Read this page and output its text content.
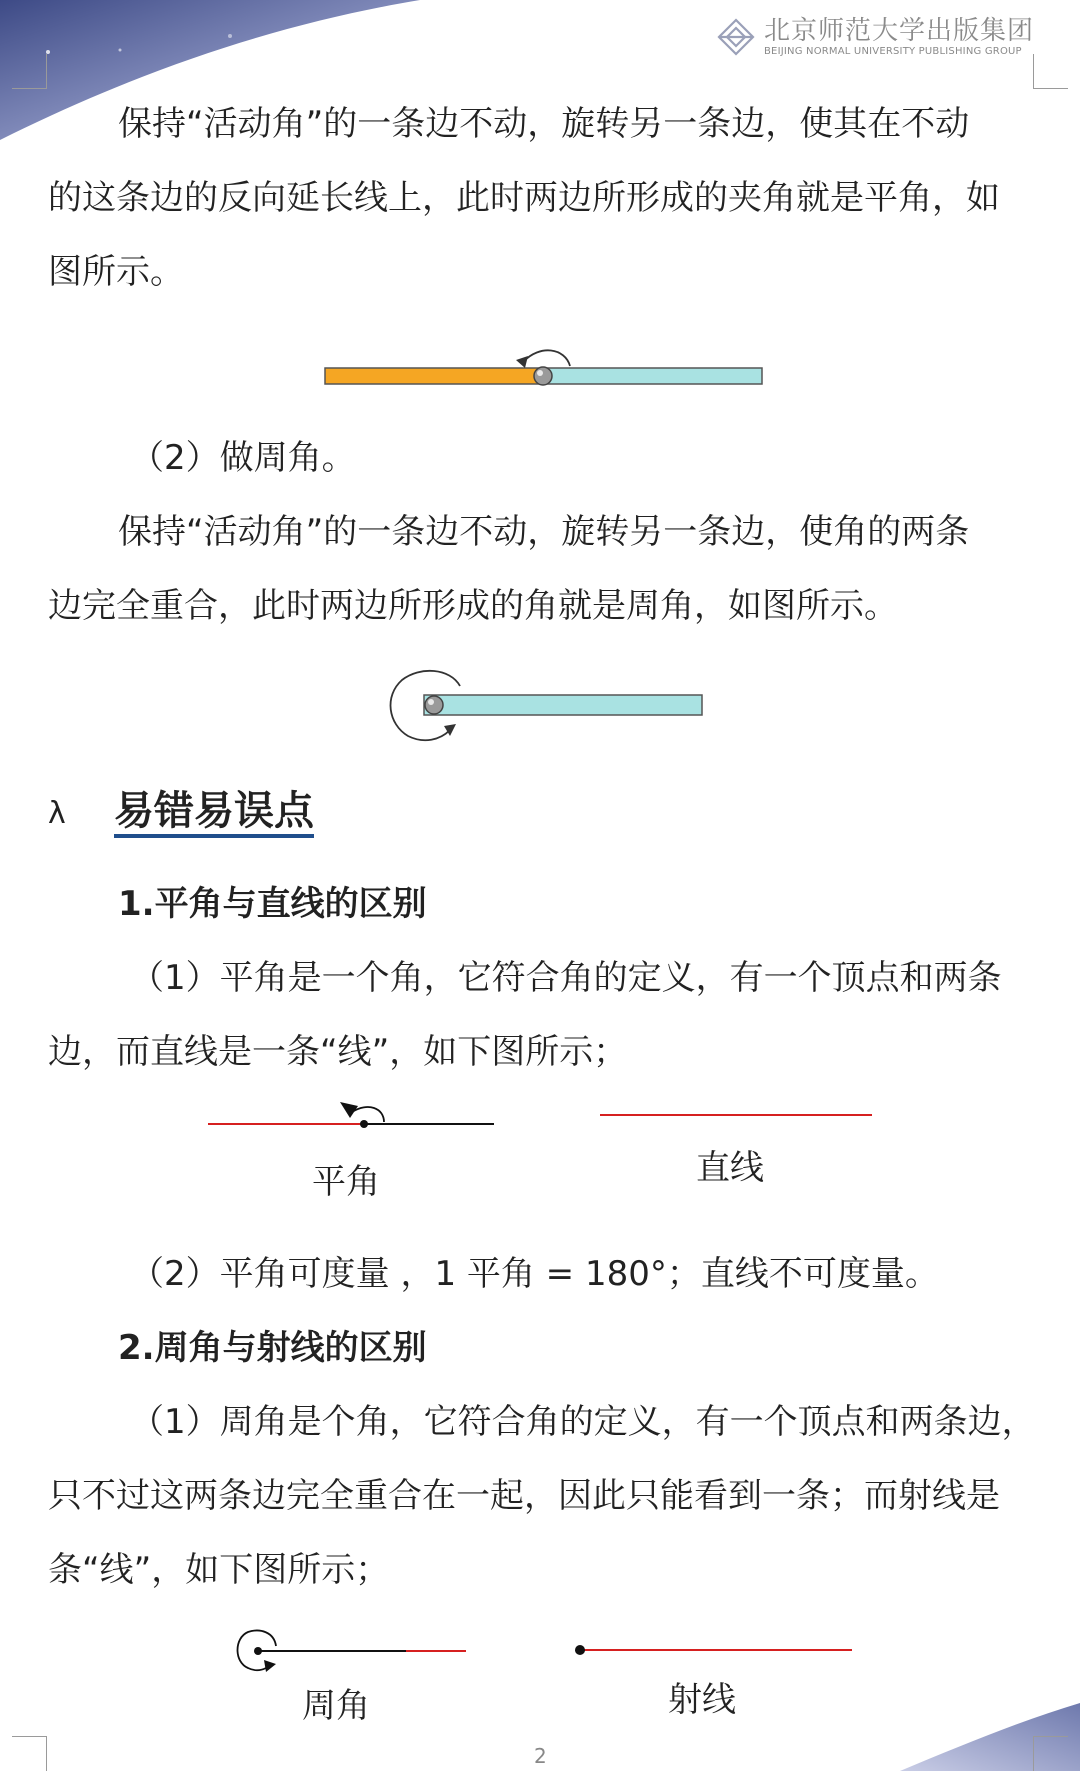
北京师范大学出版集团
BEIJING NORMAL UNIVERSITY PUBLISHING GROUP
保持“活动角”的一条边不动，旋转另一条边，使其在不动
的这条边的反向延长线上，此时两边所形成的夹角就是平角，如
图所示。
（2）做周角。
保持“活动角”的一条边不动，旋转另一条边，使角的两条
边完全重合，此时两边所形成的角就是周角，如图所示。
λ 易错易误点
1.平角与直线的区别
（1）平角是一个角，它符合角的定义，有一个顶点和两条
边，而直线是一条“线”，如下图所示；
平角	直线
（2）平角可度量 ，1 平角 = 180°；直线不可度量。
2.周角与射线的区别
（1）周角是个角，它符合角的定义，有一个顶点和两条边，
只不过这两条边完全重合在一起，因此只能看到一条；而射线是
条“线”，如下图所示；
周角	射线
2
